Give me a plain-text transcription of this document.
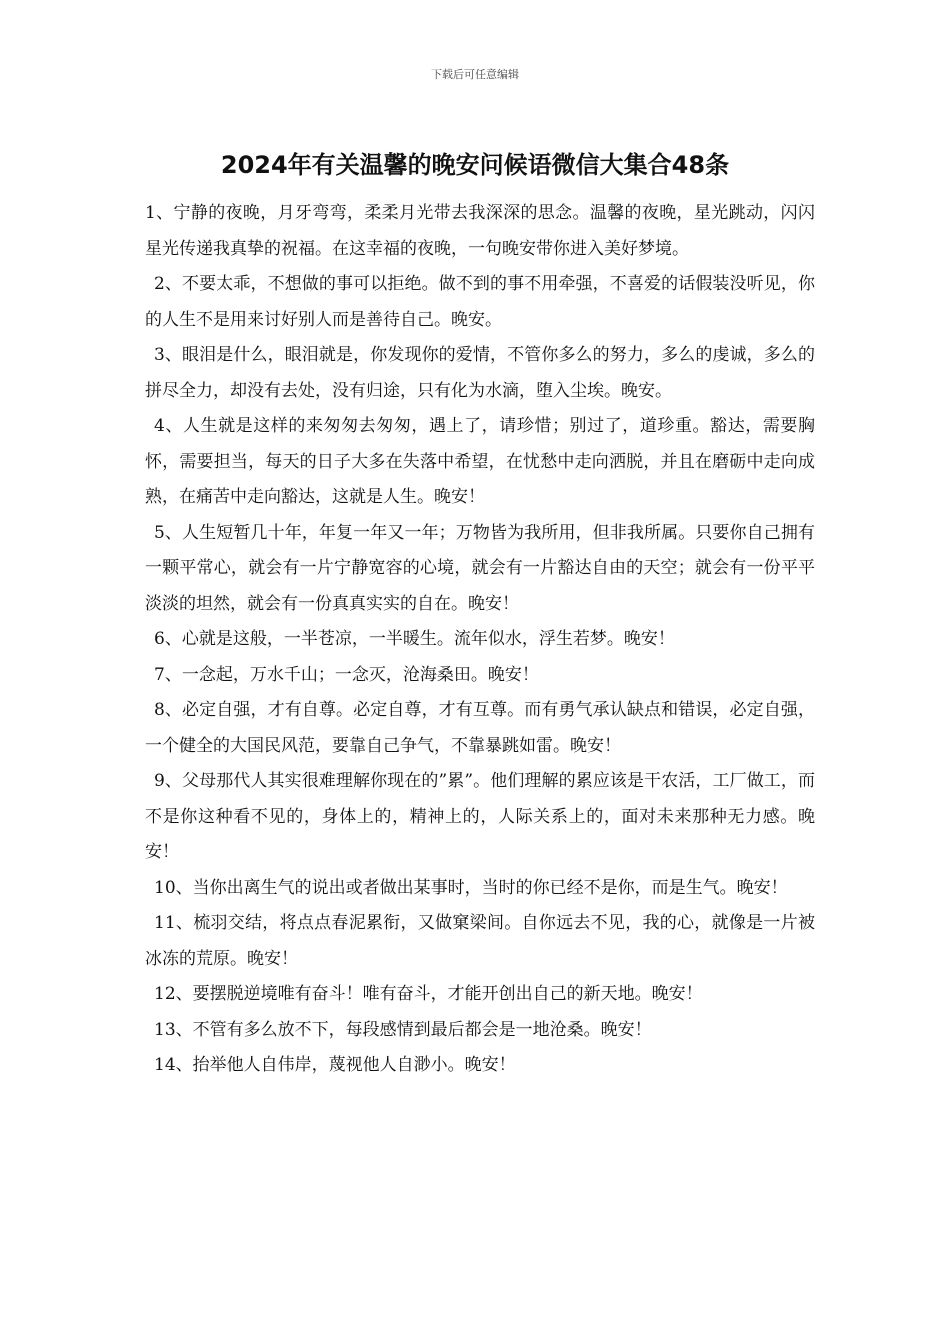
下载后可任意编辑
2024年有关温馨的晚安问候语微信大集合48条

1、宁静的夜晚，月牙弯弯，柔柔月光带去我深深的思念。温馨的夜晚，星光跳动，闪闪星光传递我真挚的祝福。在这幸福的夜晚，一句晚安带你进入美好梦境。

2、不要太乖，不想做的事可以拒绝。做不到的事不用牵强，不喜爱的话假装没听见，你的人生不是用来讨好别人而是善待自己。晚安。

3、眼泪是什么，眼泪就是，你发现你的爱情，不管你多么的努力，多么的虔诚，多么的拼尽全力，却没有去处，没有归途，只有化为水滴，堕入尘埃。晚安。

4、人生就是这样的来匆匆去匆匆，遇上了，请珍惜；别过了，道珍重。豁达，需要胸怀，需要担当，每天的日子大多在失落中希望，在忧愁中走向洒脱，并且在磨砺中走向成熟，在痛苦中走向豁达，这就是人生。晚安！

5、人生短暂几十年，年复一年又一年；万物皆为我所用，但非我所属。只要你自己拥有一颗平常心，就会有一片宁静宽容的心境，就会有一片豁达自由的天空；就会有一份平平淡淡的坦然，就会有一份真真实实的自在。晚安！

6、心就是这般，一半苍凉，一半暖生。流年似水，浮生若梦。晚安！

7、一念起，万水千山；一念灭，沧海桑田。晚安！

8、必定自强，才有自尊。必定自尊，才有互尊。而有勇气承认缺点和错误，必定自强，一个健全的大国民风范，要靠自己争气，不靠暴跳如雷。晚安！

9、父母那代人其实很难理解你现在的”累”。他们理解的累应该是干农活，工厂做工，而不是你这种看不见的，身体上的，精神上的，人际关系上的，面对未来那种无力感。晚安！

10、当你出离生气的说出或者做出某事时，当时的你已经不是你，而是生气。晚安！

11、梳羽交结，将点点春泥累衔，又做窠梁间。自你远去不见，我的心，就像是一片被冰冻的荒原。晚安！

12、要摆脱逆境唯有奋斗！唯有奋斗，才能开创出自己的新天地。晚安！

13、不管有多么放不下，每段感情到最后都会是一地沧桑。晚安！

14、抬举他人自伟岸，蔑视他人自渺小。晚安！
